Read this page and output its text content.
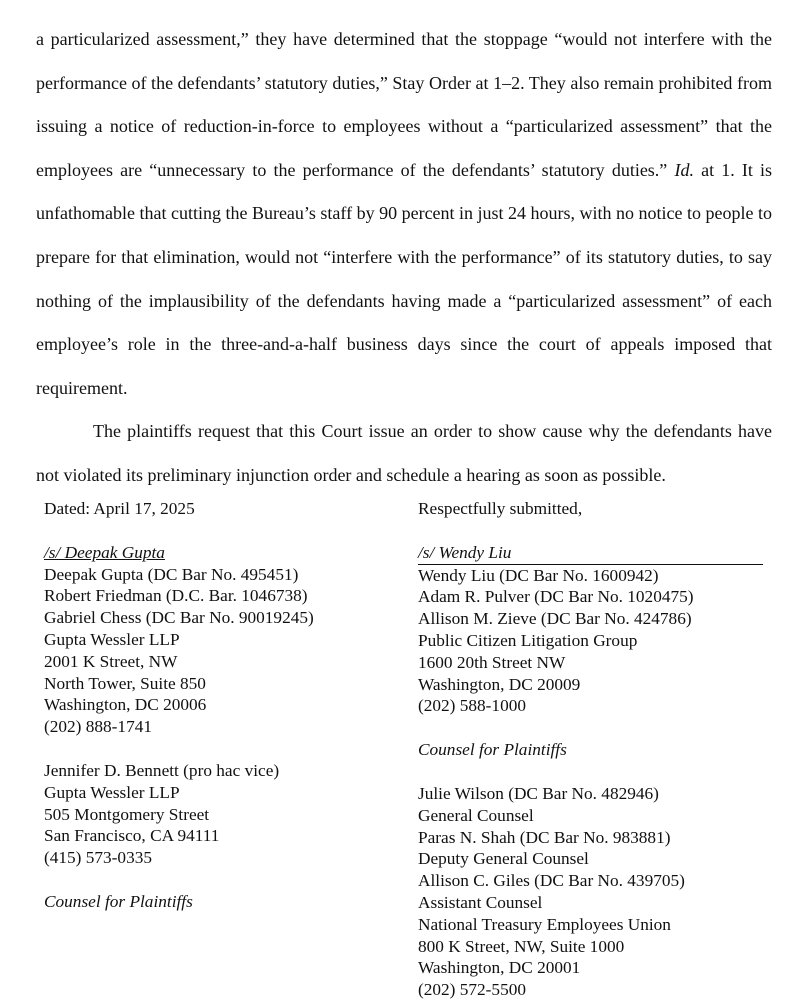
a particularized assessment,” they have determined that the stoppage “would not interfere with the performance of the defendants’ statutory duties,” Stay Order at 1–2. They also remain prohibited from issuing a notice of reduction-in-force to employees without a “particularized assessment” that the employees are “unnecessary to the performance of the defendants’ statutory duties.” Id. at 1. It is unfathomable that cutting the Bureau’s staff by 90 percent in just 24 hours, with no notice to people to prepare for that elimination, would not “interfere with the performance” of its statutory duties, to say nothing of the implausibility of the defendants having made a “particularized assessment” of each employee’s role in the three-and-a-half business days since the court of appeals imposed that requirement.

The plaintiffs request that this Court issue an order to show cause why the defendants have not violated its preliminary injunction order and schedule a hearing as soon as possible.

Dated: April 17, 2025
/s/ Deepak Gupta
Deepak Gupta (DC Bar No. 495451)
Robert Friedman (D.C. Bar. 1046738)
Gabriel Chess (DC Bar No. 90019245)
Gupta Wessler LLP
2001 K Street, NW
North Tower, Suite 850
Washington, DC 20006
(202) 888-1741
Jennifer D. Bennett (pro hac vice)
Gupta Wessler LLP
505 Montgomery Street
San Francisco, CA 94111
(415) 573-0335
Counsel for Plaintiffs
Respectfully submitted,
/s/ Wendy Liu
Wendy Liu (DC Bar No. 1600942)
Adam R. Pulver (DC Bar No. 1020475)
Allison M. Zieve (DC Bar No. 424786)
Public Citizen Litigation Group
1600 20th Street NW
Washington, DC 20009
(202) 588-1000
Counsel for Plaintiffs
Julie Wilson (DC Bar No. 482946)
General Counsel
Paras N. Shah (DC Bar No. 983881)
Deputy General Counsel
Allison C. Giles (DC Bar No. 439705)
Assistant Counsel
National Treasury Employees Union
800 K Street, NW, Suite 1000
Washington, DC 20001
(202) 572-5500
